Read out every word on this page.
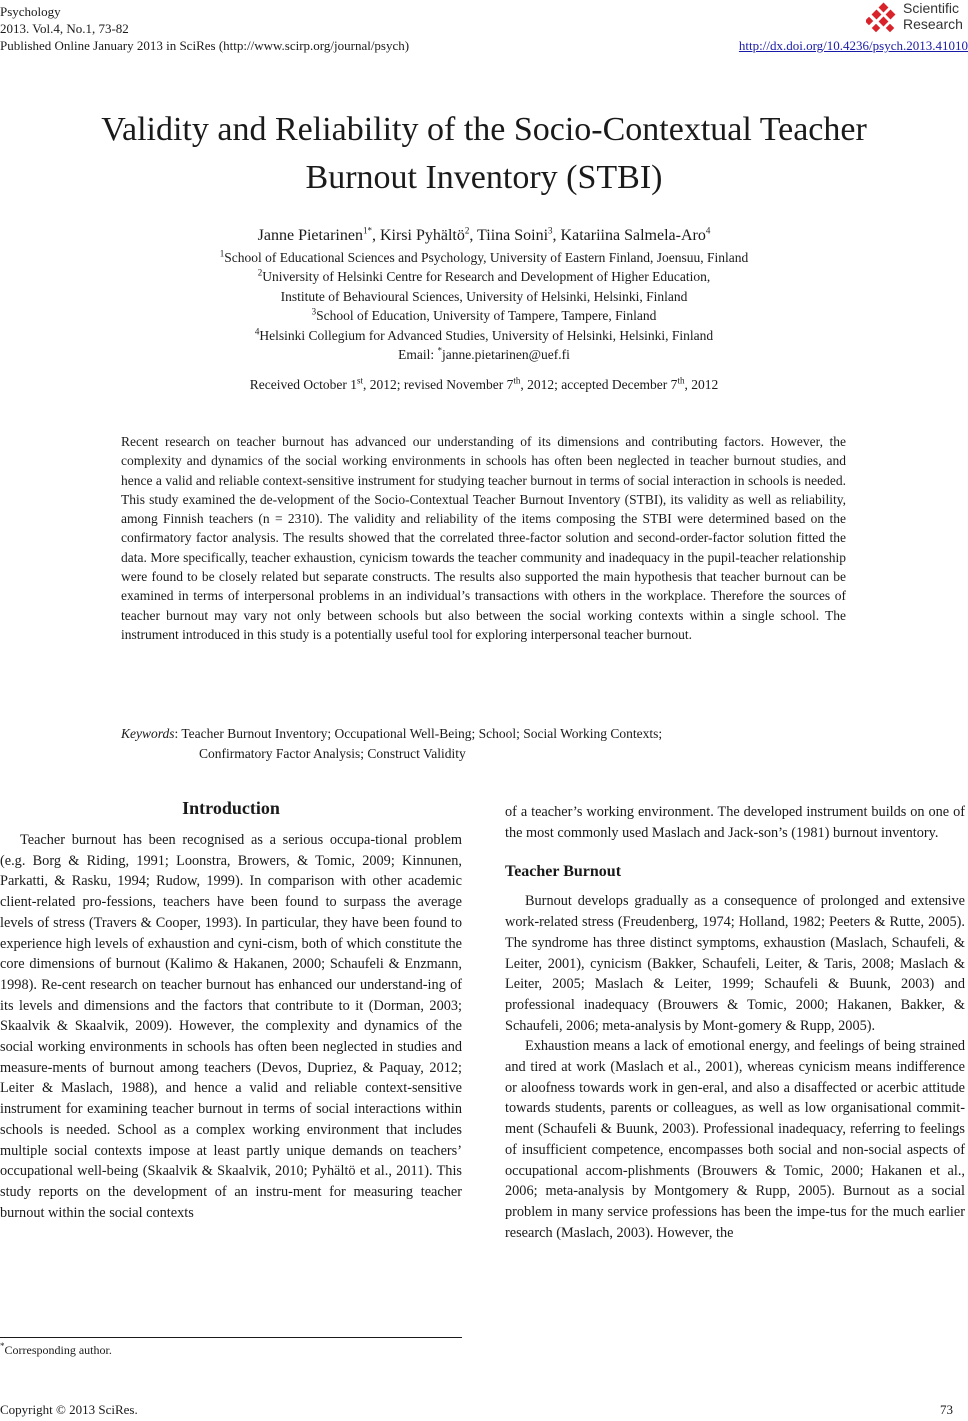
Psychology
2013. Vol.4, No.1, 73-82
Published Online January 2013 in SciRes (http://www.scirp.org/journal/psych)	http://dx.doi.org/10.4236/psych.2013.41010
Scientific
Research
Validity and Reliability of the Socio-Contextual Teacher
Burnout Inventory (STBI)
Janne Pietarinen$^{1*}$, Kirsi Pyhältö$^2$, Tiina Soini$^3$, Katariina Salmela-Aro$^4$
$^1$School of Educational Sciences and Psychology, University of Eastern Finland, Joensuu, Finland
$^2$University of Helsinki Centre for Research and Development of Higher Education,
Institute of Behavioural Sciences, University of Helsinki, Helsinki, Finland
$^3$School of Education, University of Tampere, Tampere, Finland
$^4$Helsinki Collegium for Advanced Studies, University of Helsinki, Helsinki, Finland
Email: *janne.pietarinen@uef.fi
Received October 1st, 2012; revised November 7th, 2012; accepted December 7th, 2012
Recent research on teacher burnout has advanced our understanding of its dimensions and contributing factors. However, the complexity and dynamics of the social working environments in schools has often been neglected in teacher burnout studies, and hence a valid and reliable context-sensitive instrument for studying teacher burnout in terms of social interaction in schools is needed. This study examined the de-velopment of the Socio-Contextual Teacher Burnout Inventory (STBI), its validity as well as reliability, among Finnish teachers (n = 2310). The validity and reliability of the items composing the STBI were determined based on the confirmatory factor analysis. The results showed that the correlated three-factor solution and second-order-factor solution fitted the data. More specifically, teacher exhaustion, cynicism towards the teacher community and inadequacy in the pupil-teacher relationship were found to be closely related but separate constructs. The results also supported the main hypothesis that teacher burnout can be examined in terms of interpersonal problems in an individual’s transactions with others in the workplace. Therefore the sources of teacher burnout may vary not only between schools but also between the social working contexts within a single school. The instrument introduced in this study is a potentially useful tool for exploring interpersonal teacher burnout.
Keywords: Teacher Burnout Inventory; Occupational Well-Being; School; Social Working Contexts;
Confirmatory Factor Analysis; Construct Validity
Introduction

Teacher burnout has been recognised as a serious occupa-tional problem (e.g. Borg & Riding, 1991; Loonstra, Browers, & Tomic, 2009; Kinnunen, Parkatti, & Rasku, 1994; Rudow, 1999). In comparison with other academic client-related pro-fessions, teachers have been found to surpass the average levels of stress (Travers & Cooper, 1993). In particular, they have been found to experience high levels of exhaustion and cyni-cism, both of which constitute the core dimensions of burnout (Kalimo & Hakanen, 2000; Schaufeli & Enzmann, 1998). Re-cent research on teacher burnout has enhanced our understand-ing of its levels and dimensions and the factors that contribute to it (Dorman, 2003; Skaalvik & Skaalvik, 2009). However, the complexity and dynamics of the social working environments in schools has often been neglected in studies and measure-ments of burnout among teachers (Devos, Dupriez, & Paquay, 2012; Leiter & Maslach, 1988), and hence a valid and reliable context-sensitive instrument for examining teacher burnout in terms of social interactions within schools is needed. School as a complex working environment that includes multiple social contexts impose at least partly unique demands on teachers’ occupational well-being (Skaalvik & Skaalvik, 2010; Pyhältö et al., 2011). This study reports on the development of an instru-ment for measuring teacher burnout within the social contexts

of a teacher’s working environment. The developed instrument builds on one of the most commonly used Maslach and Jack-son’s (1981) burnout inventory.

Teacher Burnout

Burnout develops gradually as a consequence of prolonged and extensive work-related stress (Freudenberg, 1974; Holland, 1982; Peeters & Rutte, 2005). The syndrome has three distinct symptoms, exhaustion (Maslach, Schaufeli, & Leiter, 2001), cynicism (Bakker, Schaufeli, Leiter, & Taris, 2008; Maslach & Leiter, 2005; Maslach & Leiter, 1999; Schaufeli & Buunk, 2003) and professional inadequacy (Brouwers & Tomic, 2000; Hakanen, Bakker, & Schaufeli, 2006; meta-analysis by Mont-gomery & Rupp, 2005).

Exhaustion means a lack of emotional energy, and feelings of being strained and tired at work (Maslach et al., 2001), whereas cynicism means indifference or aloofness towards work in gen-eral, and also a disaffected or acerbic attitude towards students, parents or colleagues, as well as low organisational commit-ment (Schaufeli & Buunk, 2003). Professional inadequacy, referring to feelings of insufficient competence, encompasses both social and non-social aspects of occupational accom-plishments (Brouwers & Tomic, 2000; Hakanen et al., 2006; meta-analysis by Montgomery & Rupp, 2005). Burnout as a social problem in many service professions has been the impe-tus for the much earlier research (Maslach, 2003). However, the

*Corresponding author.
Copyright © 2013 SciRes.	73
